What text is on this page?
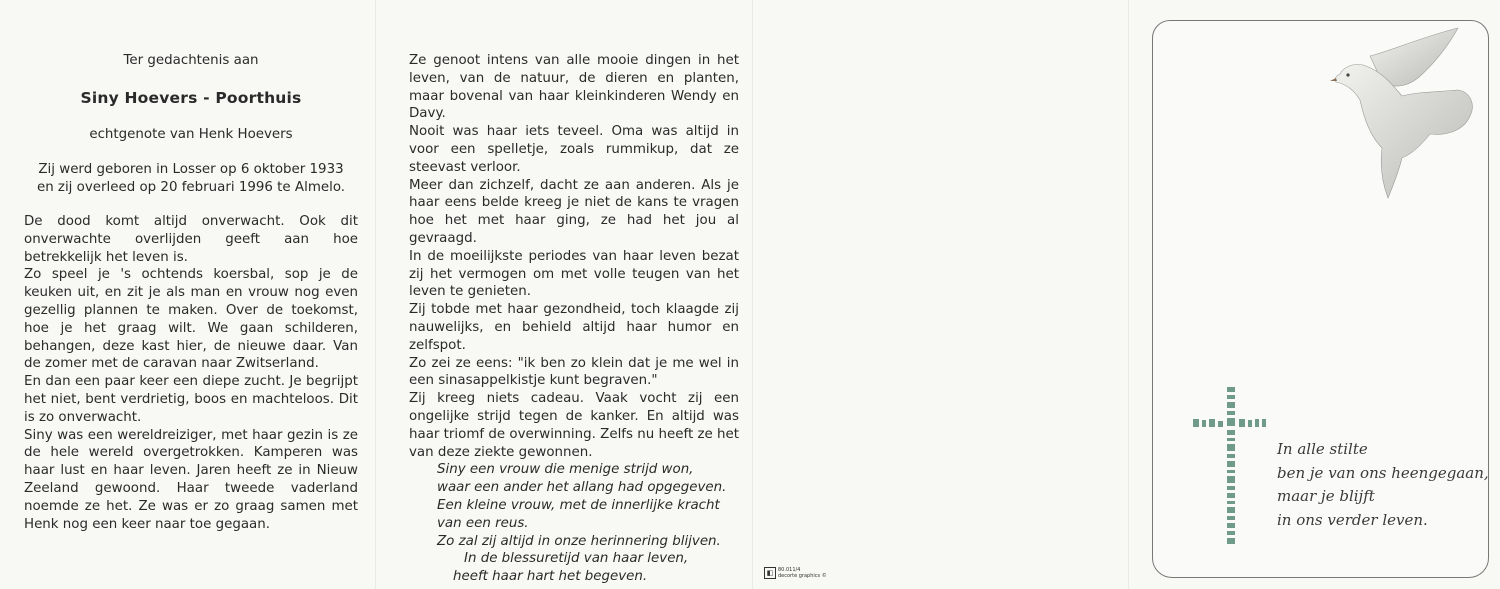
Ter gedachtenis aan
Siny Hoevers - Poorthuis
echtgenote van Henk Hoevers
Zij werd geboren in Losser op 6 oktober 1933
en zij overleed op 20 februari 1996 te Almelo.

De dood komt altijd onverwacht. Ook dit onverwachte overlijden geeft aan hoe betrekkelijk het leven is.

Zo speel je 's ochtends koersbal, sop je de keuken uit, en zit je als man en vrouw nog even gezellig plannen te maken. Over de toekomst, hoe je het graag wilt. We gaan schilderen, behangen, deze kast hier, de nieuwe daar. Van de zomer met de caravan naar Zwitserland.

En dan een paar keer een diepe zucht. Je begrijpt het niet, bent verdrietig, boos en machteloos. Dit is zo onverwacht.

Siny was een wereldreiziger, met haar gezin is ze de hele wereld overgetrokken. Kamperen was haar lust en haar leven. Jaren heeft ze in Nieuw Zeeland gewoond. Haar tweede vaderland noemde ze het. Ze was er zo graag samen met Henk nog een keer naar toe gegaan.

Ze genoot intens van alle mooie dingen in het leven, van de natuur, de dieren en planten, maar bovenal van haar kleinkinderen Wendy en Davy.

Nooit was haar iets teveel. Oma was altijd in voor een spelletje, zoals rummikup, dat ze steevast verloor.

Meer dan zichzelf, dacht ze aan anderen. Als je haar eens belde kreeg je niet de kans te vragen hoe het met haar ging, ze had het jou al gevraagd.

In de moeilijkste periodes van haar leven bezat zij het vermogen om met volle teugen van het leven te genieten.

Zij tobde met haar gezondheid, toch klaagde zij nauwelijks, en behield altijd haar humor en zelfspot.

Zo zei ze eens: "ik ben zo klein dat je me wel in een sinasappelkistje kunt begraven."

Zij kreeg niets cadeau. Vaak vocht zij een ongelijke strijd tegen de kanker. En altijd was haar triomf de overwinning. Zelfs nu heeft ze het van deze ziekte gewonnen.

Siny een vrouw die menige strijd won,
waar een ander het allang had opgegeven.
Een kleine vrouw, met de innerlijke kracht
van een reus.
Zo zal zij altijd in onze herinnering blijven.
In de blessuretijd van haar leven,
heeft haar hart het begeven.	◧ 80.011/4
decorte graphics ©
In alle stilte
ben je van ons heengegaan,
maar je blijft
in ons verder leven.
